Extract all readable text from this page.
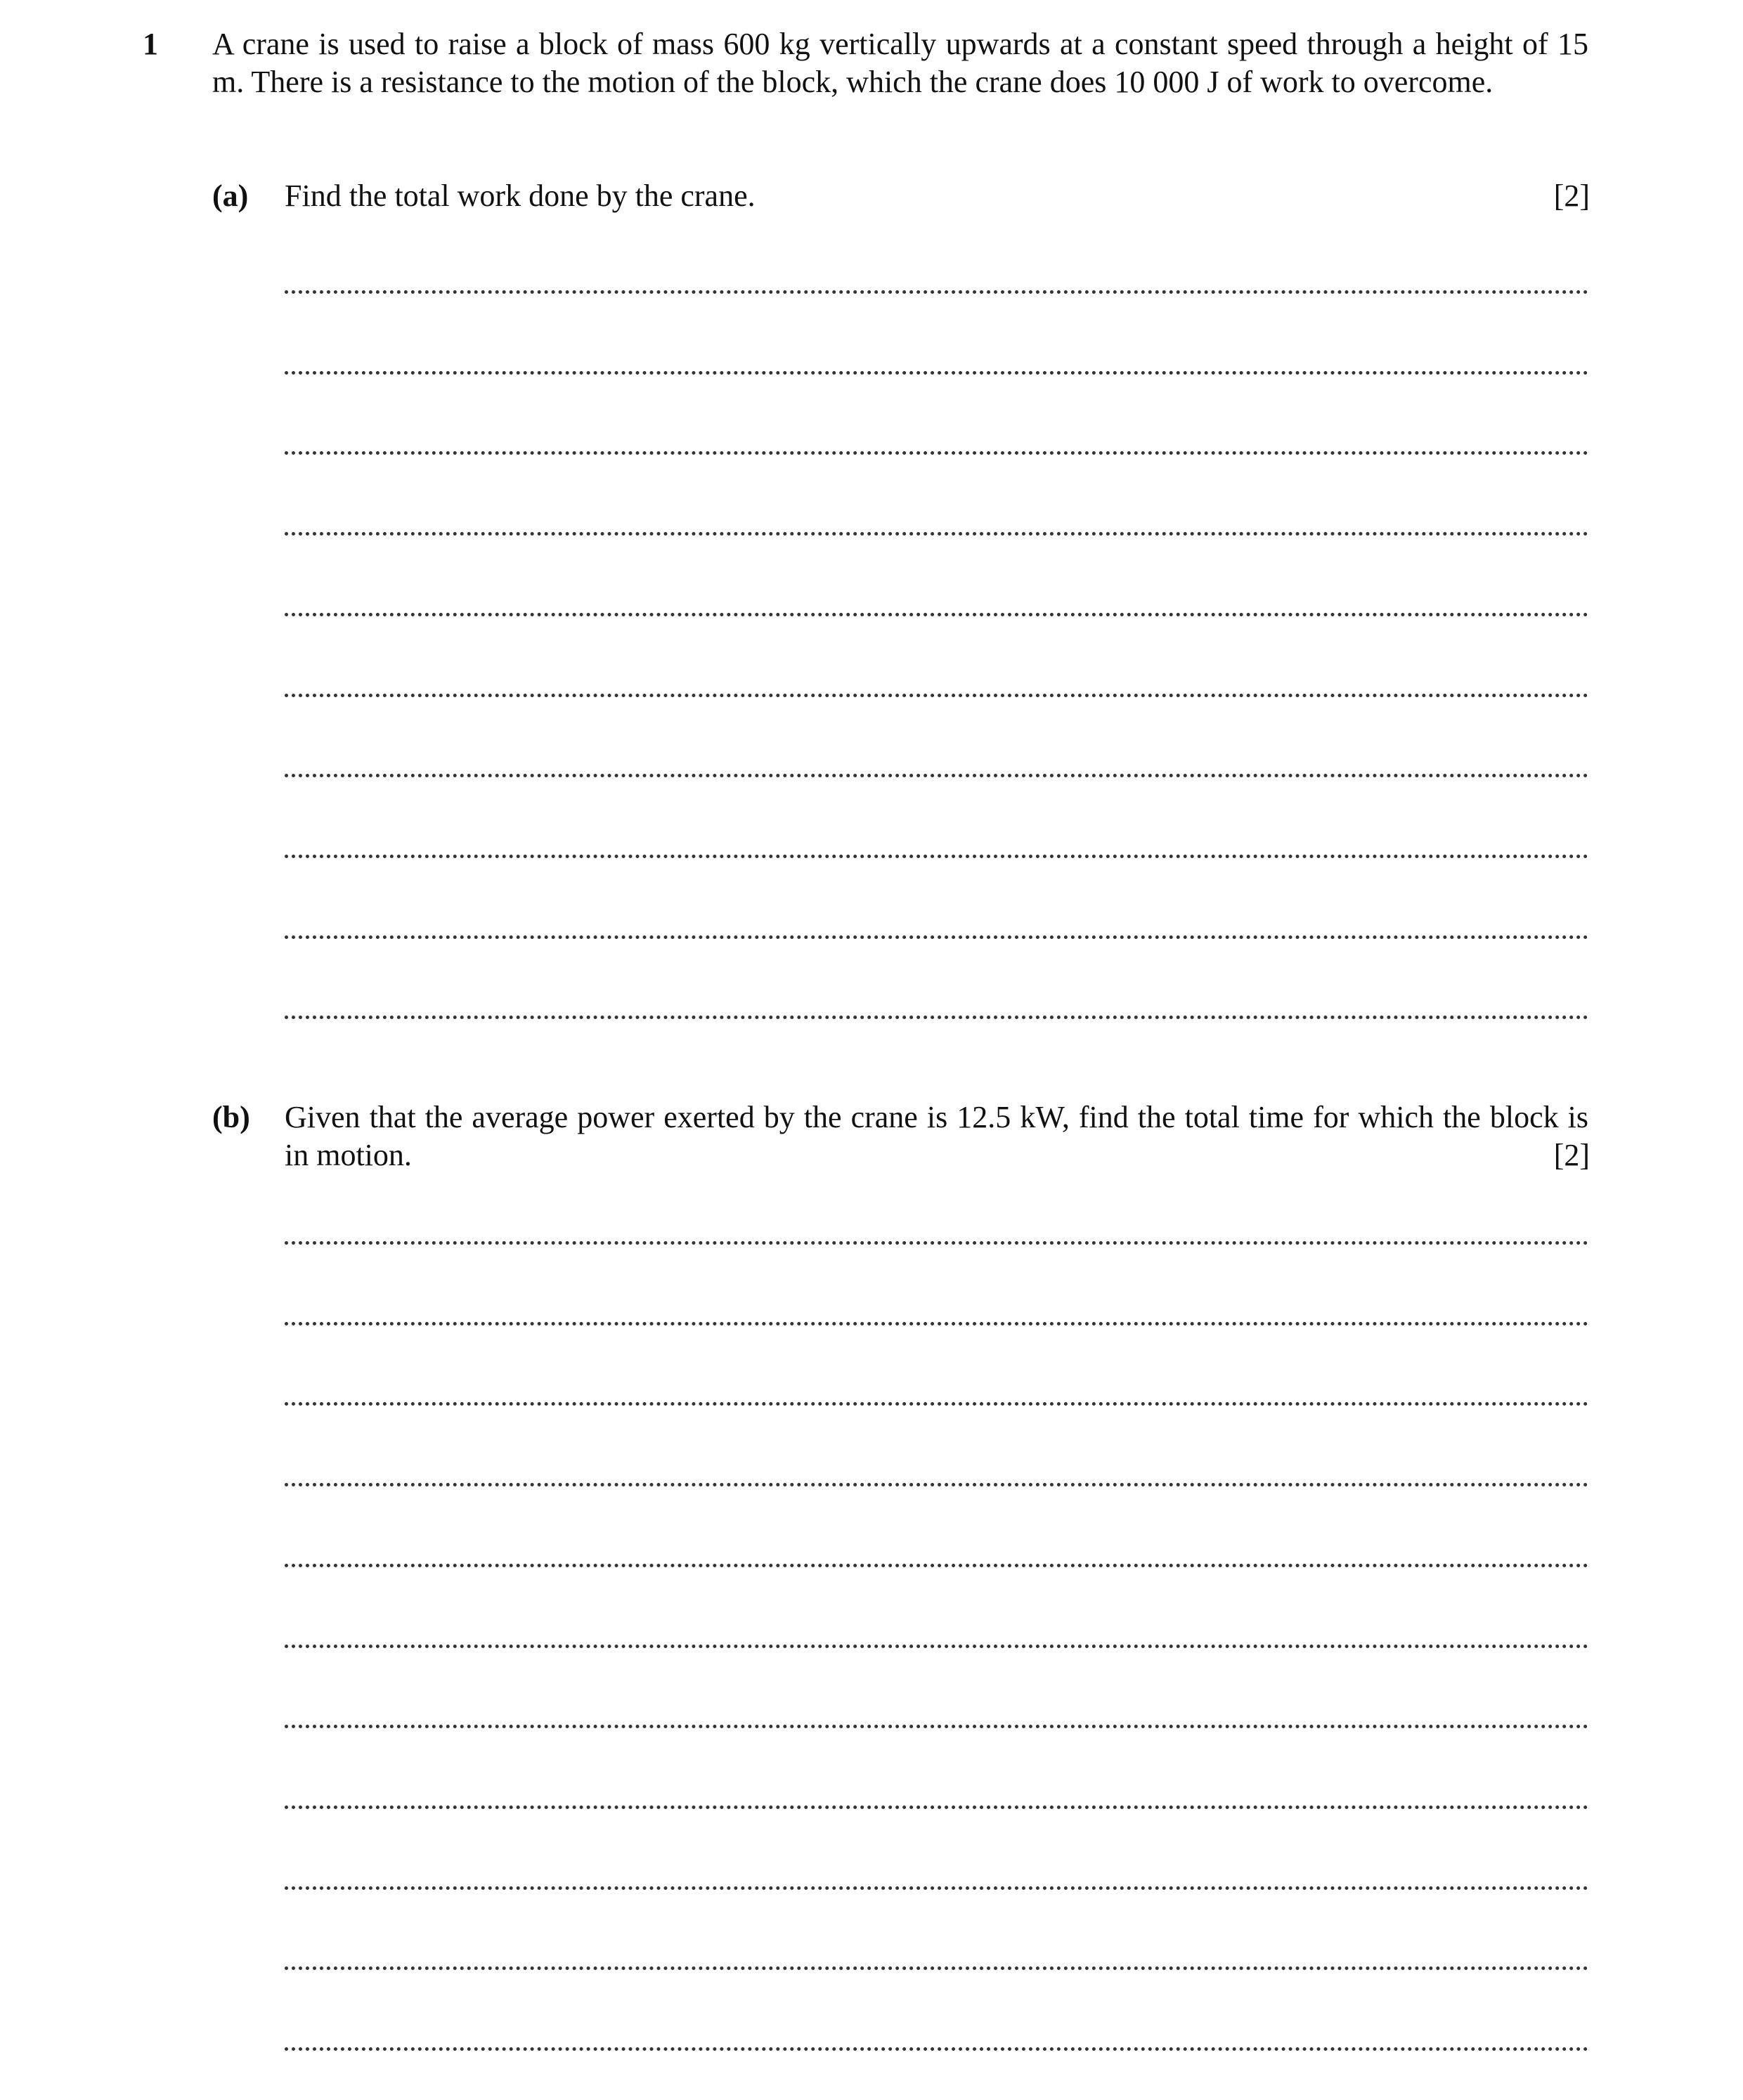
1 A crane is used to raise a block of mass 600 kg vertically upwards at a constant speed through a height of 15 m. There is a resistance to the motion of the block, which the crane does 10 000 J of work to overcome.
(a) Find the total work done by the crane.	[2]
(b) Given that the average power exerted by the crane is 12.5 kW, find the total time for which the block is in motion.	[2]
